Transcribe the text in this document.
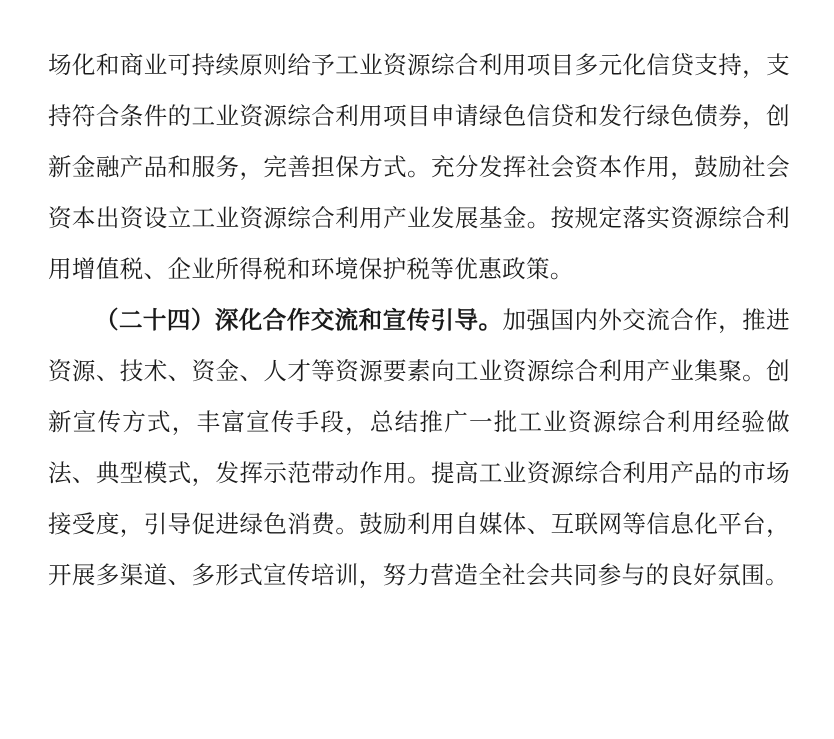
场化和商业可持续原则给予工业资源综合利用项目多元化信贷支持，支持符合条件的工业资源综合利用项目申请绿色信贷和发行绿色债券，创新金融产品和服务，完善担保方式。充分发挥社会资本作用，鼓励社会资本出资设立工业资源综合利用产业发展基金。按规定落实资源综合利用增值税、企业所得税和环境保护税等优惠政策。

（二十四）深化合作交流和宣传引导。加强国内外交流合作，推进资源、技术、资金、人才等资源要素向工业资源综合利用产业集聚。创新宣传方式，丰富宣传手段，总结推广一批工业资源综合利用经验做法、典型模式，发挥示范带动作用。提高工业资源综合利用产品的市场接受度，引导促进绿色消费。鼓励利用自媒体、互联网等信息化平台，开展多渠道、多形式宣传培训，努力营造全社会共同参与的良好氛围。
